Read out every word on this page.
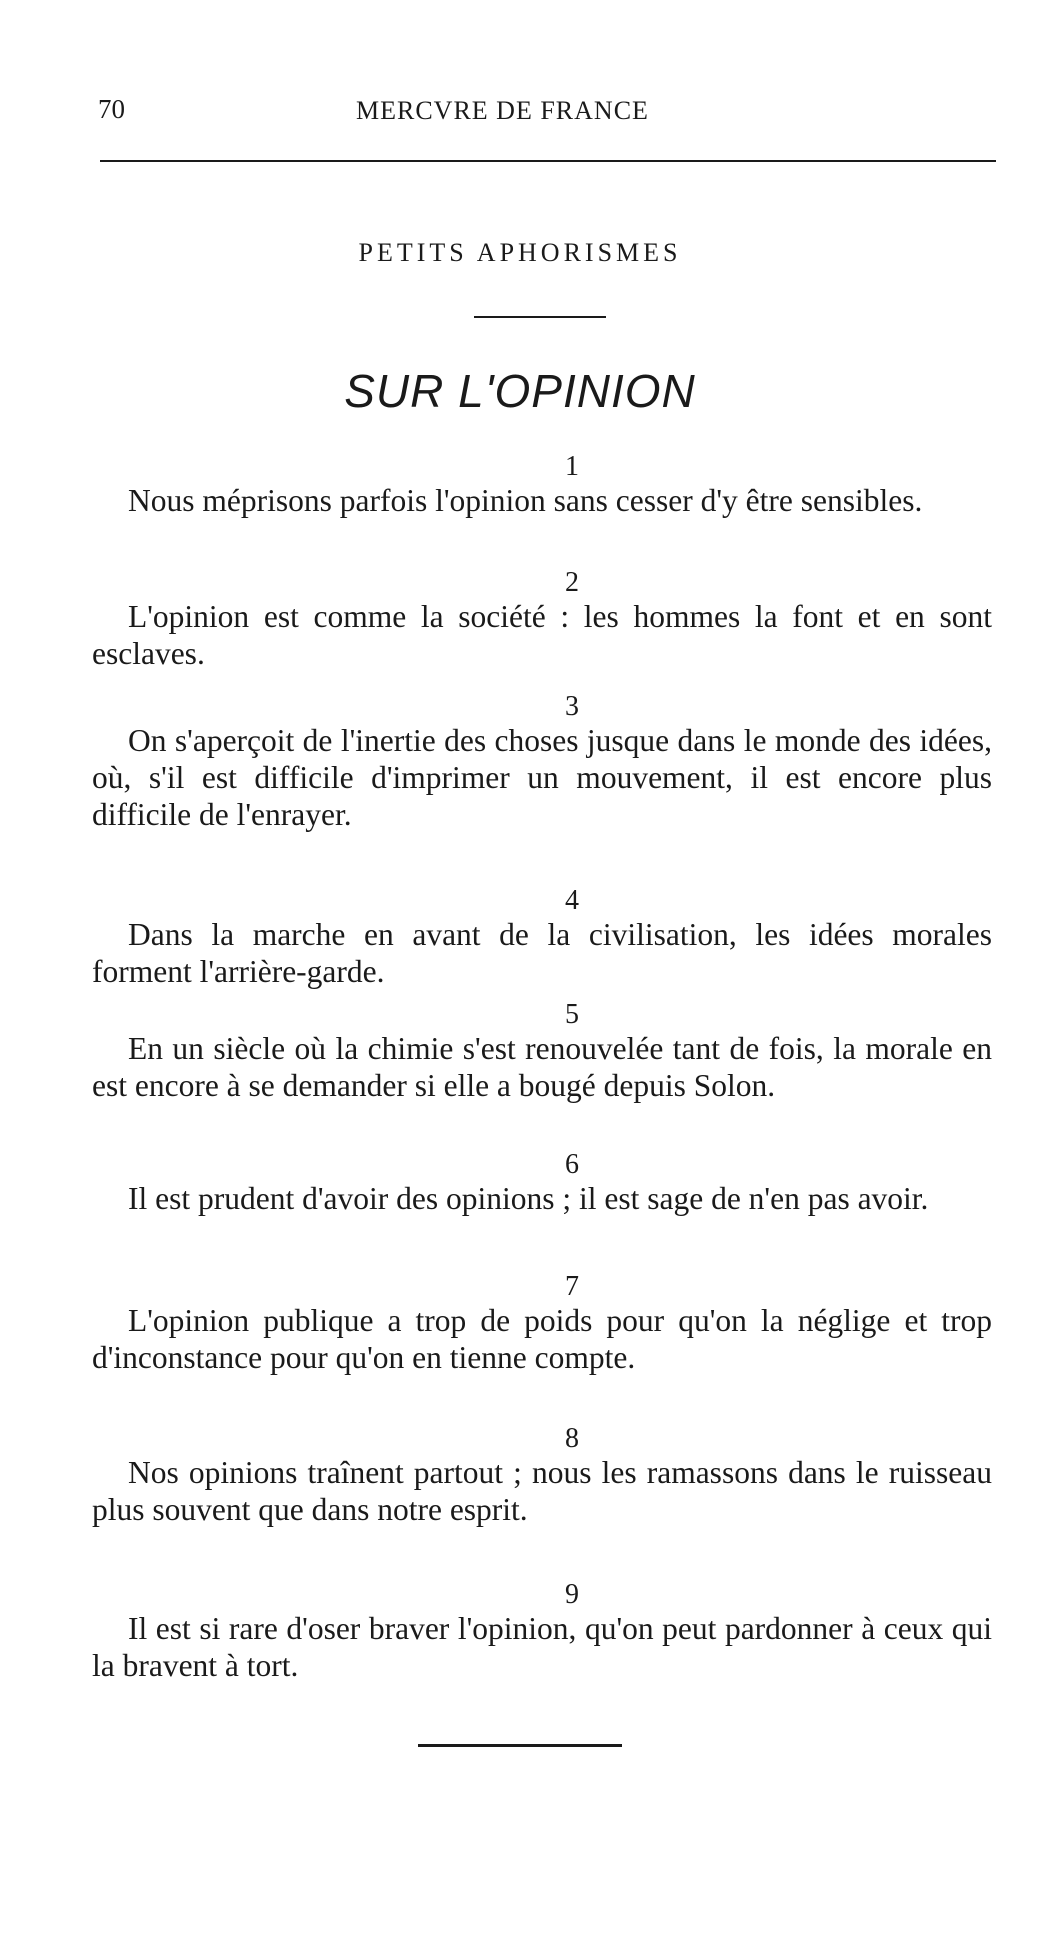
70	MERCVRE DE FRANCE
PETITS APHORISMES
SUR L'OPINION
1
Nous méprisons parfois l'opinion sans cesser d'y être sensibles.
2
L'opinion est comme la société : les hommes la font et en sont esclaves.
3
On s'aperçoit de l'inertie des choses jusque dans le monde des idées, où, s'il est difficile d'imprimer un mouvement, il est encore plus difficile de l'enrayer.
4
Dans la marche en avant de la civilisation, les idées morales forment l'arrière-garde.
5
En un siècle où la chimie s'est renouvelée tant de fois, la morale en est encore à se demander si elle a bougé depuis Solon.
6
Il est prudent d'avoir des opinions ; il est sage de n'en pas avoir.
7
L'opinion publique a trop de poids pour qu'on la néglige et trop d'inconstance pour qu'on en tienne compte.
8
Nos opinions traînent partout ; nous les ramassons dans le ruisseau plus souvent que dans notre esprit.
9
Il est si rare d'oser braver l'opinion, qu'on peut pardonner à ceux qui la bravent à tort.
